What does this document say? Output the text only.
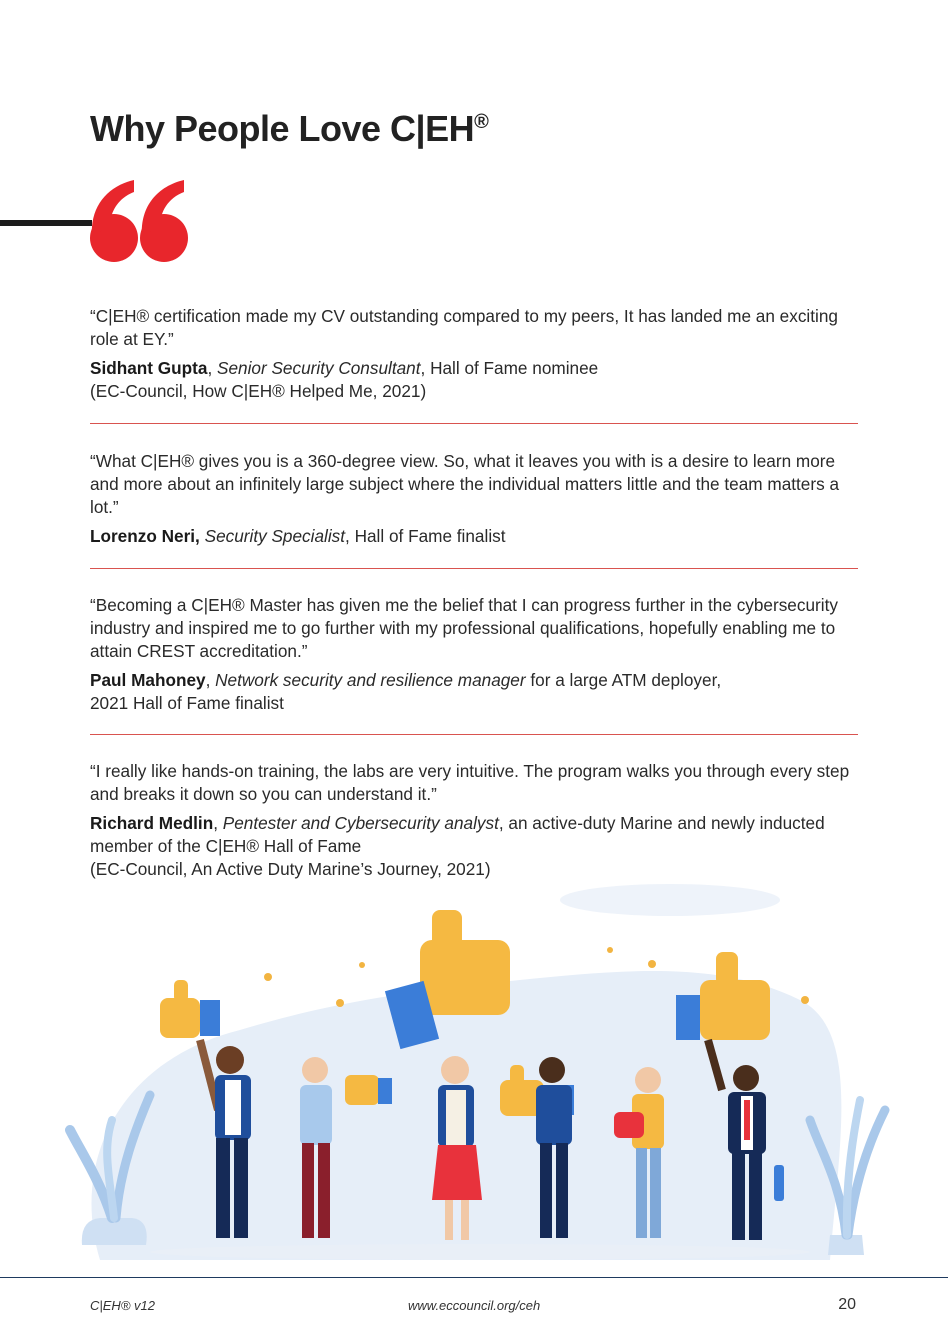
Why People Love C|EH®

“C|EH® certification made my CV outstanding compared to my peers, It has landed me an exciting role at EY.”

Sidhant Gupta, Senior Security Consultant, Hall of Fame nominee
(EC-Council, How C|EH® Helped Me, 2021)

“What C|EH® gives you is a 360-degree view. So, what it leaves you with is a desire to learn more and more about an infinitely large subject where the individual matters little and the team matters a lot.”

Lorenzo Neri, Security Specialist, Hall of Fame finalist

“Becoming a C|EH® Master has given me the belief that I can progress further in the cybersecurity industry and inspired me to go further with my professional qualifications, hopefully enabling me to attain CREST accreditation.”

Paul Mahoney, Network security and resilience manager for a large ATM deployer,
2021 Hall of Fame finalist

“I really like hands-on training, the labs are very intuitive. The program walks you through every step and breaks it down so you can understand it.”

Richard Medlin, Pentester and Cybersecurity analyst, an active-duty Marine and newly inducted member of the C|EH® Hall of Fame
(EC-Council, An Active Duty Marine’s Journey, 2021)

C|EH® v12	www.eccouncil.org/ceh	20
